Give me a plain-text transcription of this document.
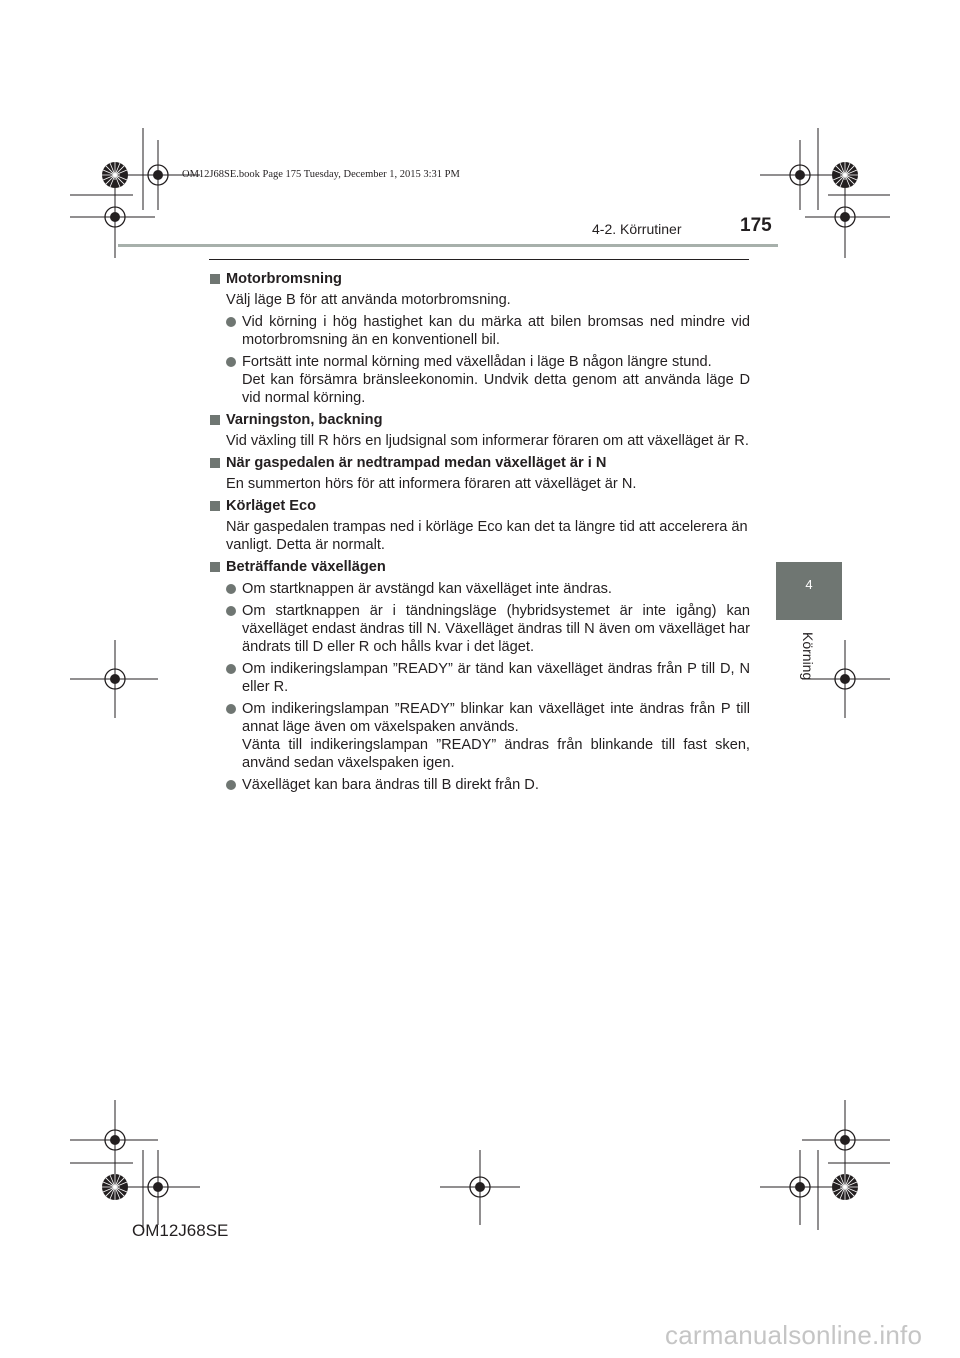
OM12J68SE.book Page 175 Tuesday, December 1, 2015 3:31 PM
4-2. Körrutiner	175
4
Körning
Motorbromsning
Välj läge B för att använda motorbromsning.
Vid körning i hög hastighet kan du märka att bilen bromsas ned mindre vid motorbromsning än en konventionell bil.
Fortsätt inte normal körning med växellådan i läge B någon längre stund.
Det kan försämra bränsleekonomin. Undvik detta genom att använda läge D vid normal körning.
Varningston, backning
Vid växling till R hörs en ljudsignal som informerar föraren om att växelläget är R.
När gaspedalen är nedtrampad medan växelläget är i N
En summerton hörs för att informera föraren att växelläget är N.
Körläget Eco
När gaspedalen trampas ned i körläge Eco kan det ta längre tid att accelerera än vanligt. Detta är normalt.
Beträffande växellägen
Om startknappen är avstängd kan växelläget inte ändras.
Om startknappen är i tändningsläge (hybridsystemet är inte igång) kan växelläget endast ändras till N. Växelläget ändras till N även om växelläget har ändrats till D eller R och hålls kvar i det läget.
Om indikeringslampan ”READY” är tänd kan växelläget ändras från P till D, N eller R.
Om indikeringslampan ”READY” blinkar kan växelläget inte ändras från P till annat läge även om växelspaken används.
Vänta till indikeringslampan ”READY” ändras från blinkande till fast sken, använd sedan växelspaken igen.
Växelläget kan bara ändras till B direkt från D.
OM12J68SE
carmanualsonline.info
